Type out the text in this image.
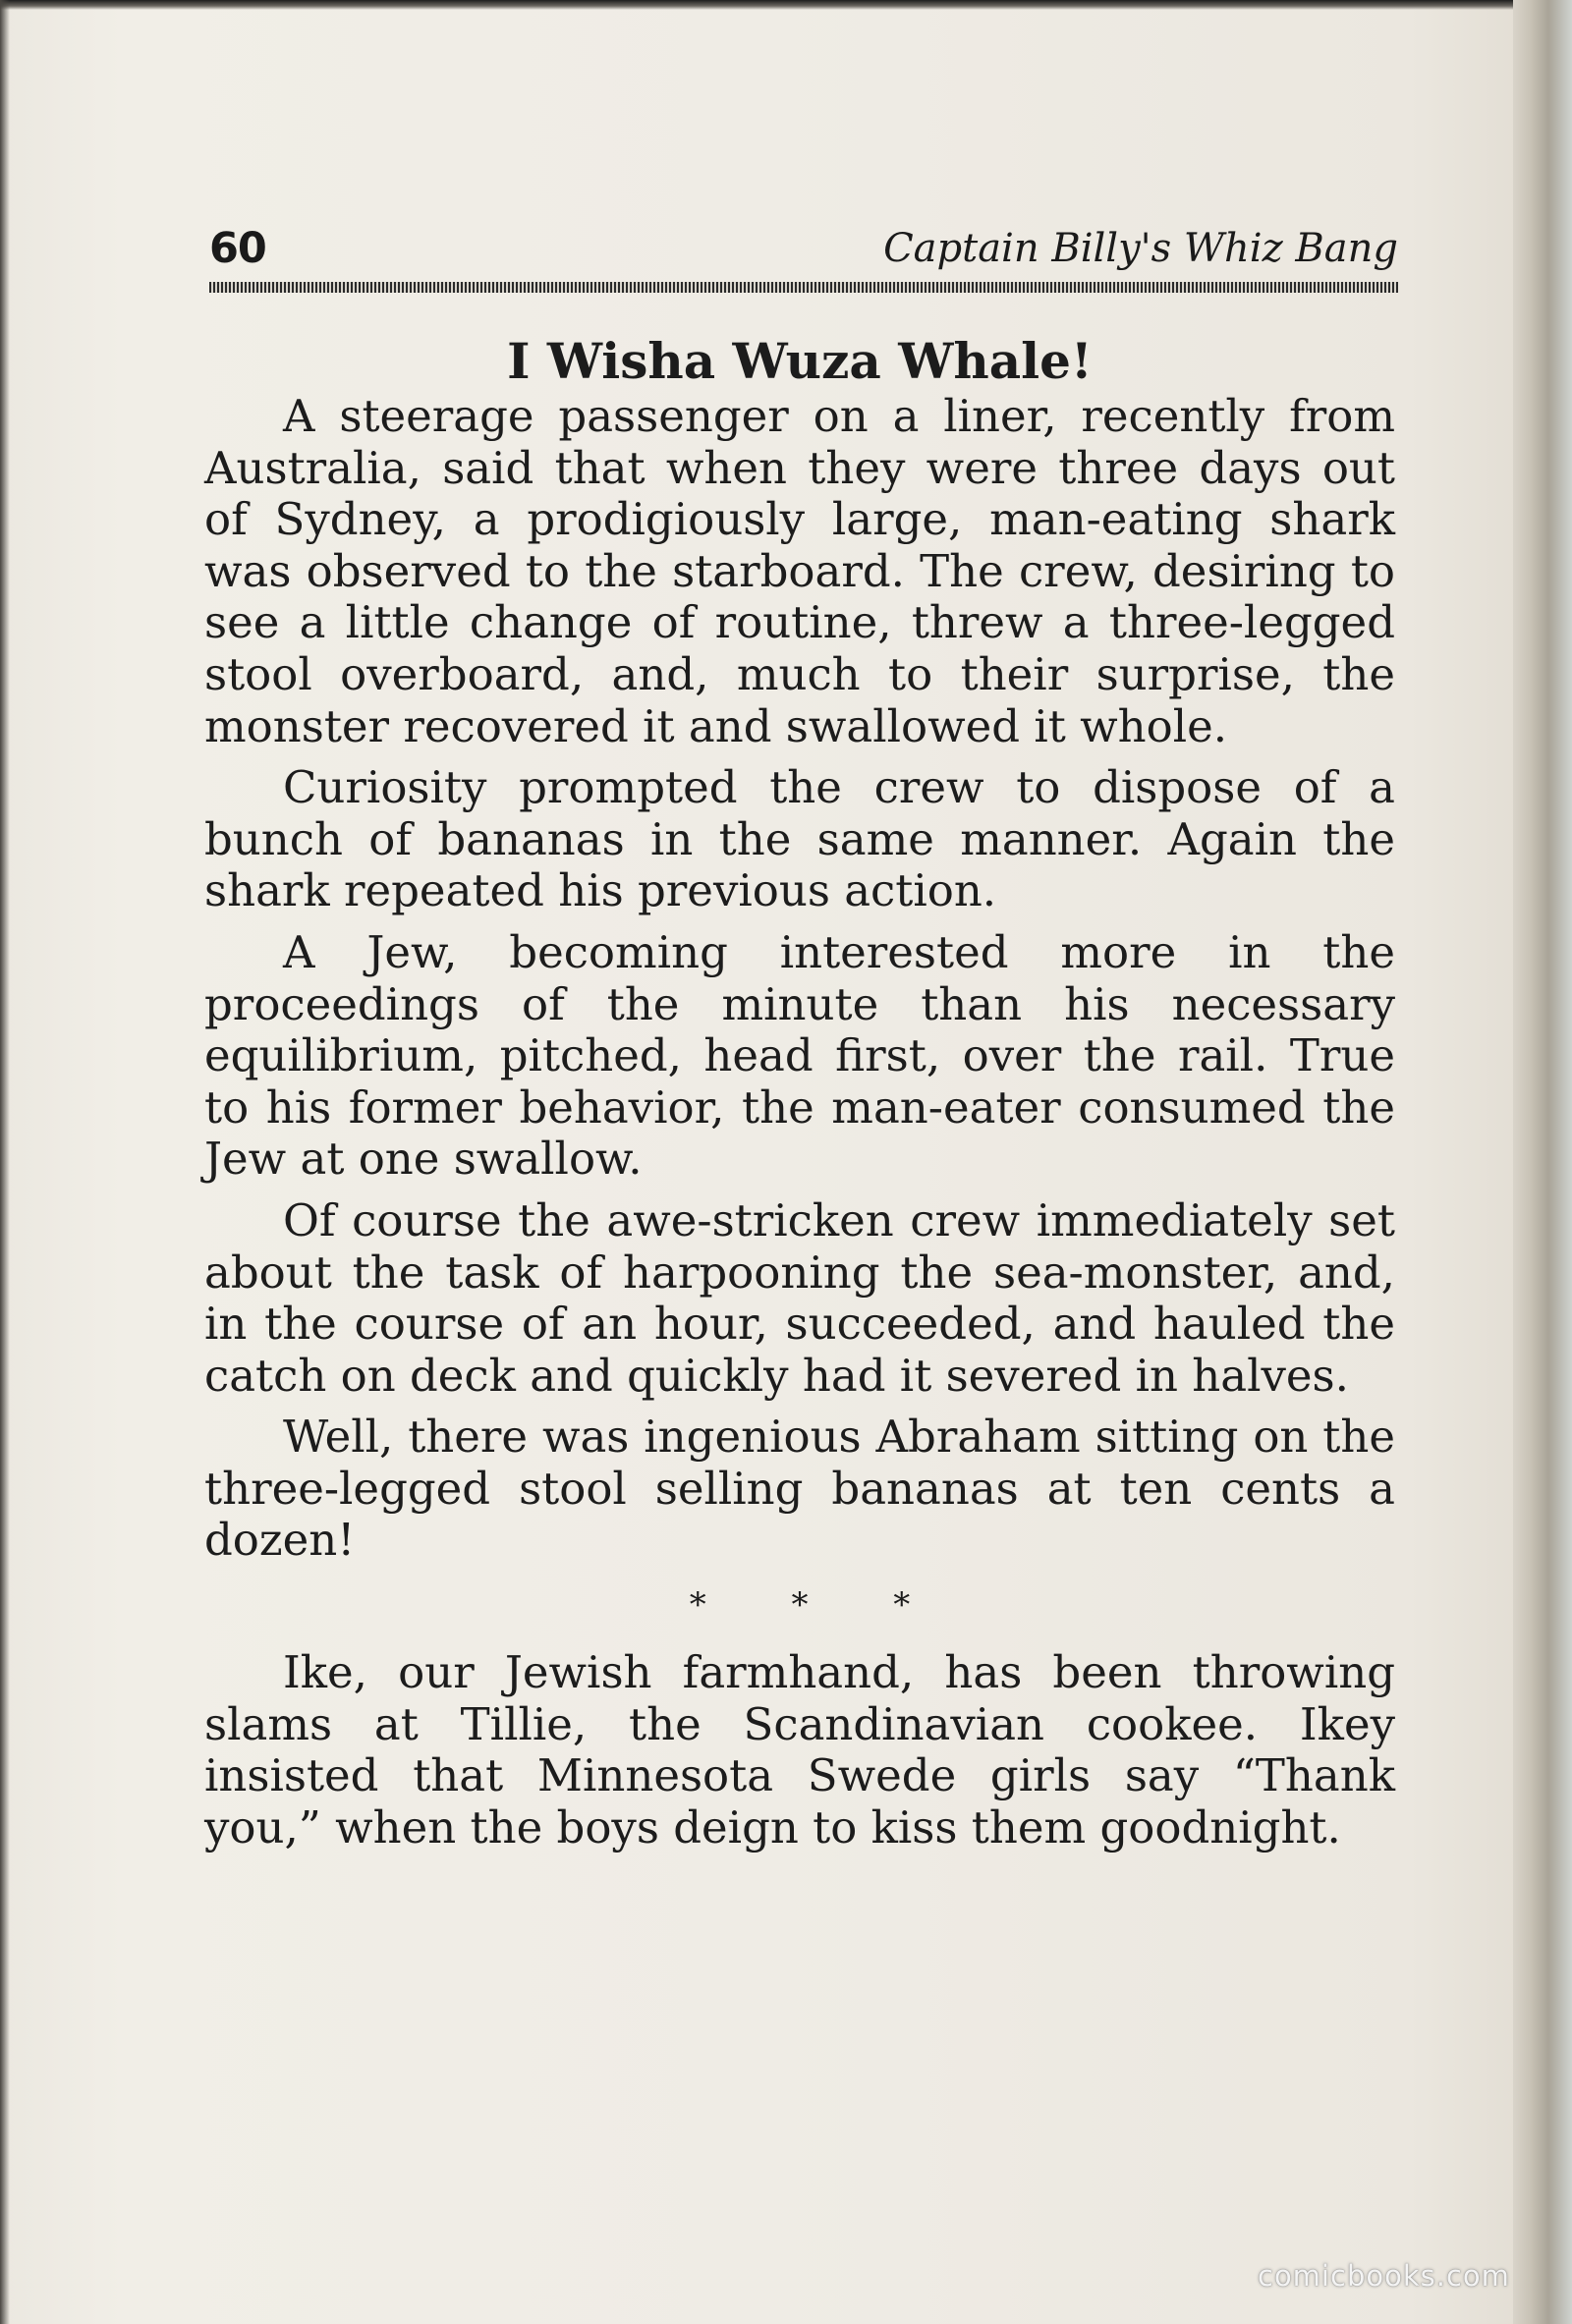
60	Captain Billy's Whiz Bang
I Wisha Wuza Whale!

A steerage passenger on a liner, recently from Australia, said that when they were three days out of Sydney, a prodigiously large, man-eating shark was observed to the starboard. The crew, desiring to see a little change of routine, threw a three-legged stool overboard, and, much to their surprise, the monster recovered it and swallowed it whole.

Curiosity prompted the crew to dispose of a bunch of bananas in the same manner. Again the shark repeated his previous action.

A Jew, becoming interested more in the proceedings of the minute than his necessary equilibrium, pitched, head first, over the rail. True to his former behavior, the man-eater consumed the Jew at one swallow.

Of course the awe-stricken crew immediately set about the task of harpooning the sea-monster, and, in the course of an hour, succeeded, and hauled the catch on deck and quickly had it severed in halves.

Well, there was ingenious Abraham sitting on the three-legged stool selling bananas at ten cents a dozen!

* * *

Ike, our Jewish farmhand, has been throwing slams at Tillie, the Scandinavian cookee. Ikey insisted that Minnesota Swede girls say “Thank you,” when the boys deign to kiss them goodnight.

comicbooks.com
